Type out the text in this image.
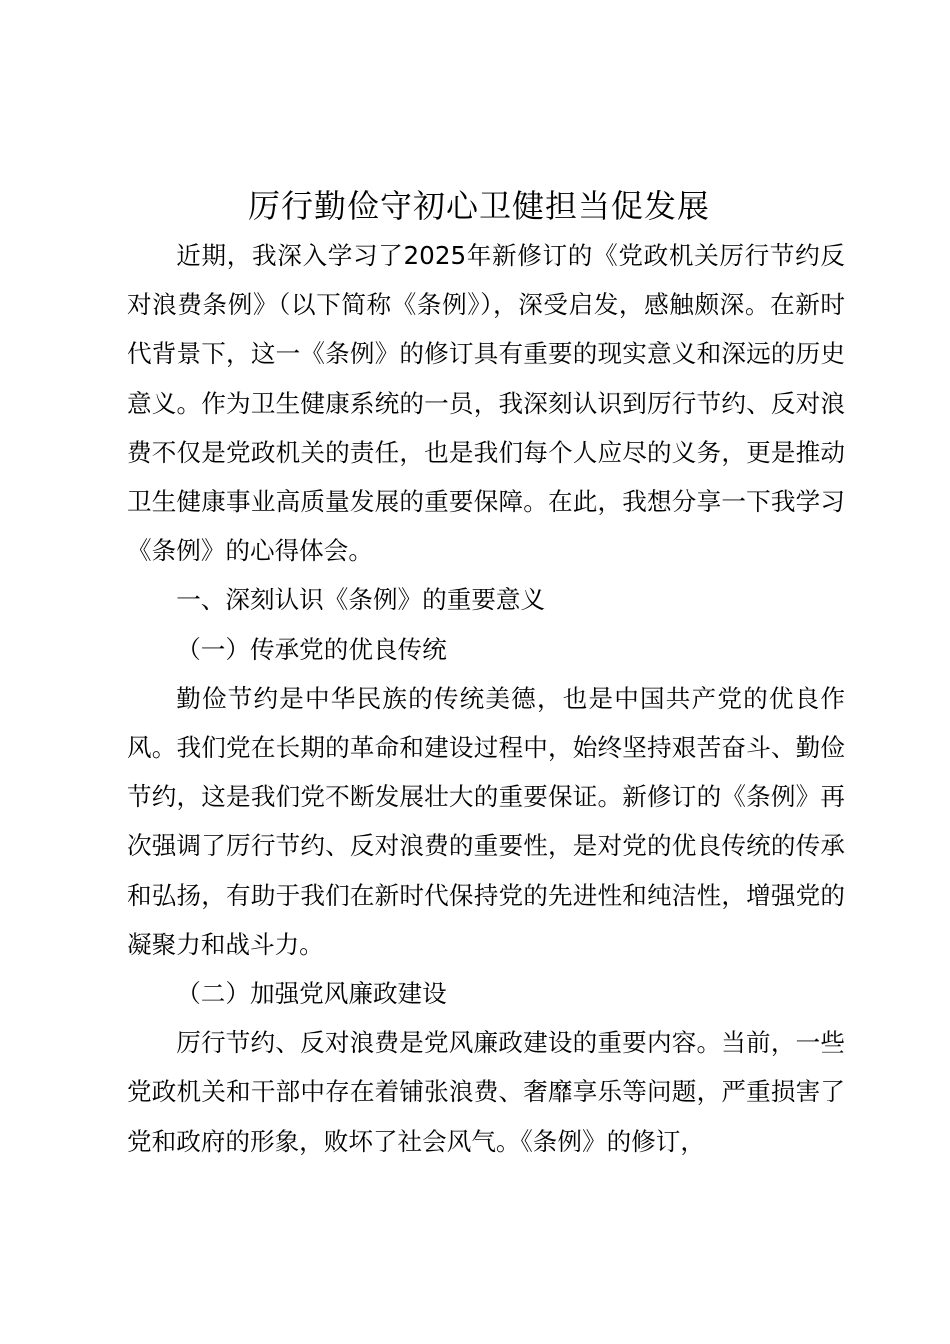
厉行勤俭守初心卫健担当促发展

近期，我深入学习了2025年新修订的《党政机关厉行节约反对浪费条例》（以下简称《条例》），深受启发，感触颇深。在新时代背景下，这一《条例》的修订具有重要的现实意义和深远的历史意义。作为卫生健康系统的一员，我深刻认识到厉行节约、反对浪费不仅是党政机关的责任，也是我们每个人应尽的义务，更是推动卫生健康事业高质量发展的重要保障。在此，我想分享一下我学习《条例》的心得体会。

一、深刻认识《条例》的重要意义

（一）传承党的优良传统

勤俭节约是中华民族的传统美德，也是中国共产党的优良作风。我们党在长期的革命和建设过程中，始终坚持艰苦奋斗、勤俭节约，这是我们党不断发展壮大的重要保证。新修订的《条例》再次强调了厉行节约、反对浪费的重要性，是对党的优良传统的传承和弘扬，有助于我们在新时代保持党的先进性和纯洁性，增强党的凝聚力和战斗力。

（二）加强党风廉政建设

厉行节约、反对浪费是党风廉政建设的重要内容。当前，一些党政机关和干部中存在着铺张浪费、奢靡享乐等问题，严重损害了党和政府的形象，败坏了社会风气。《条例》的修订，
